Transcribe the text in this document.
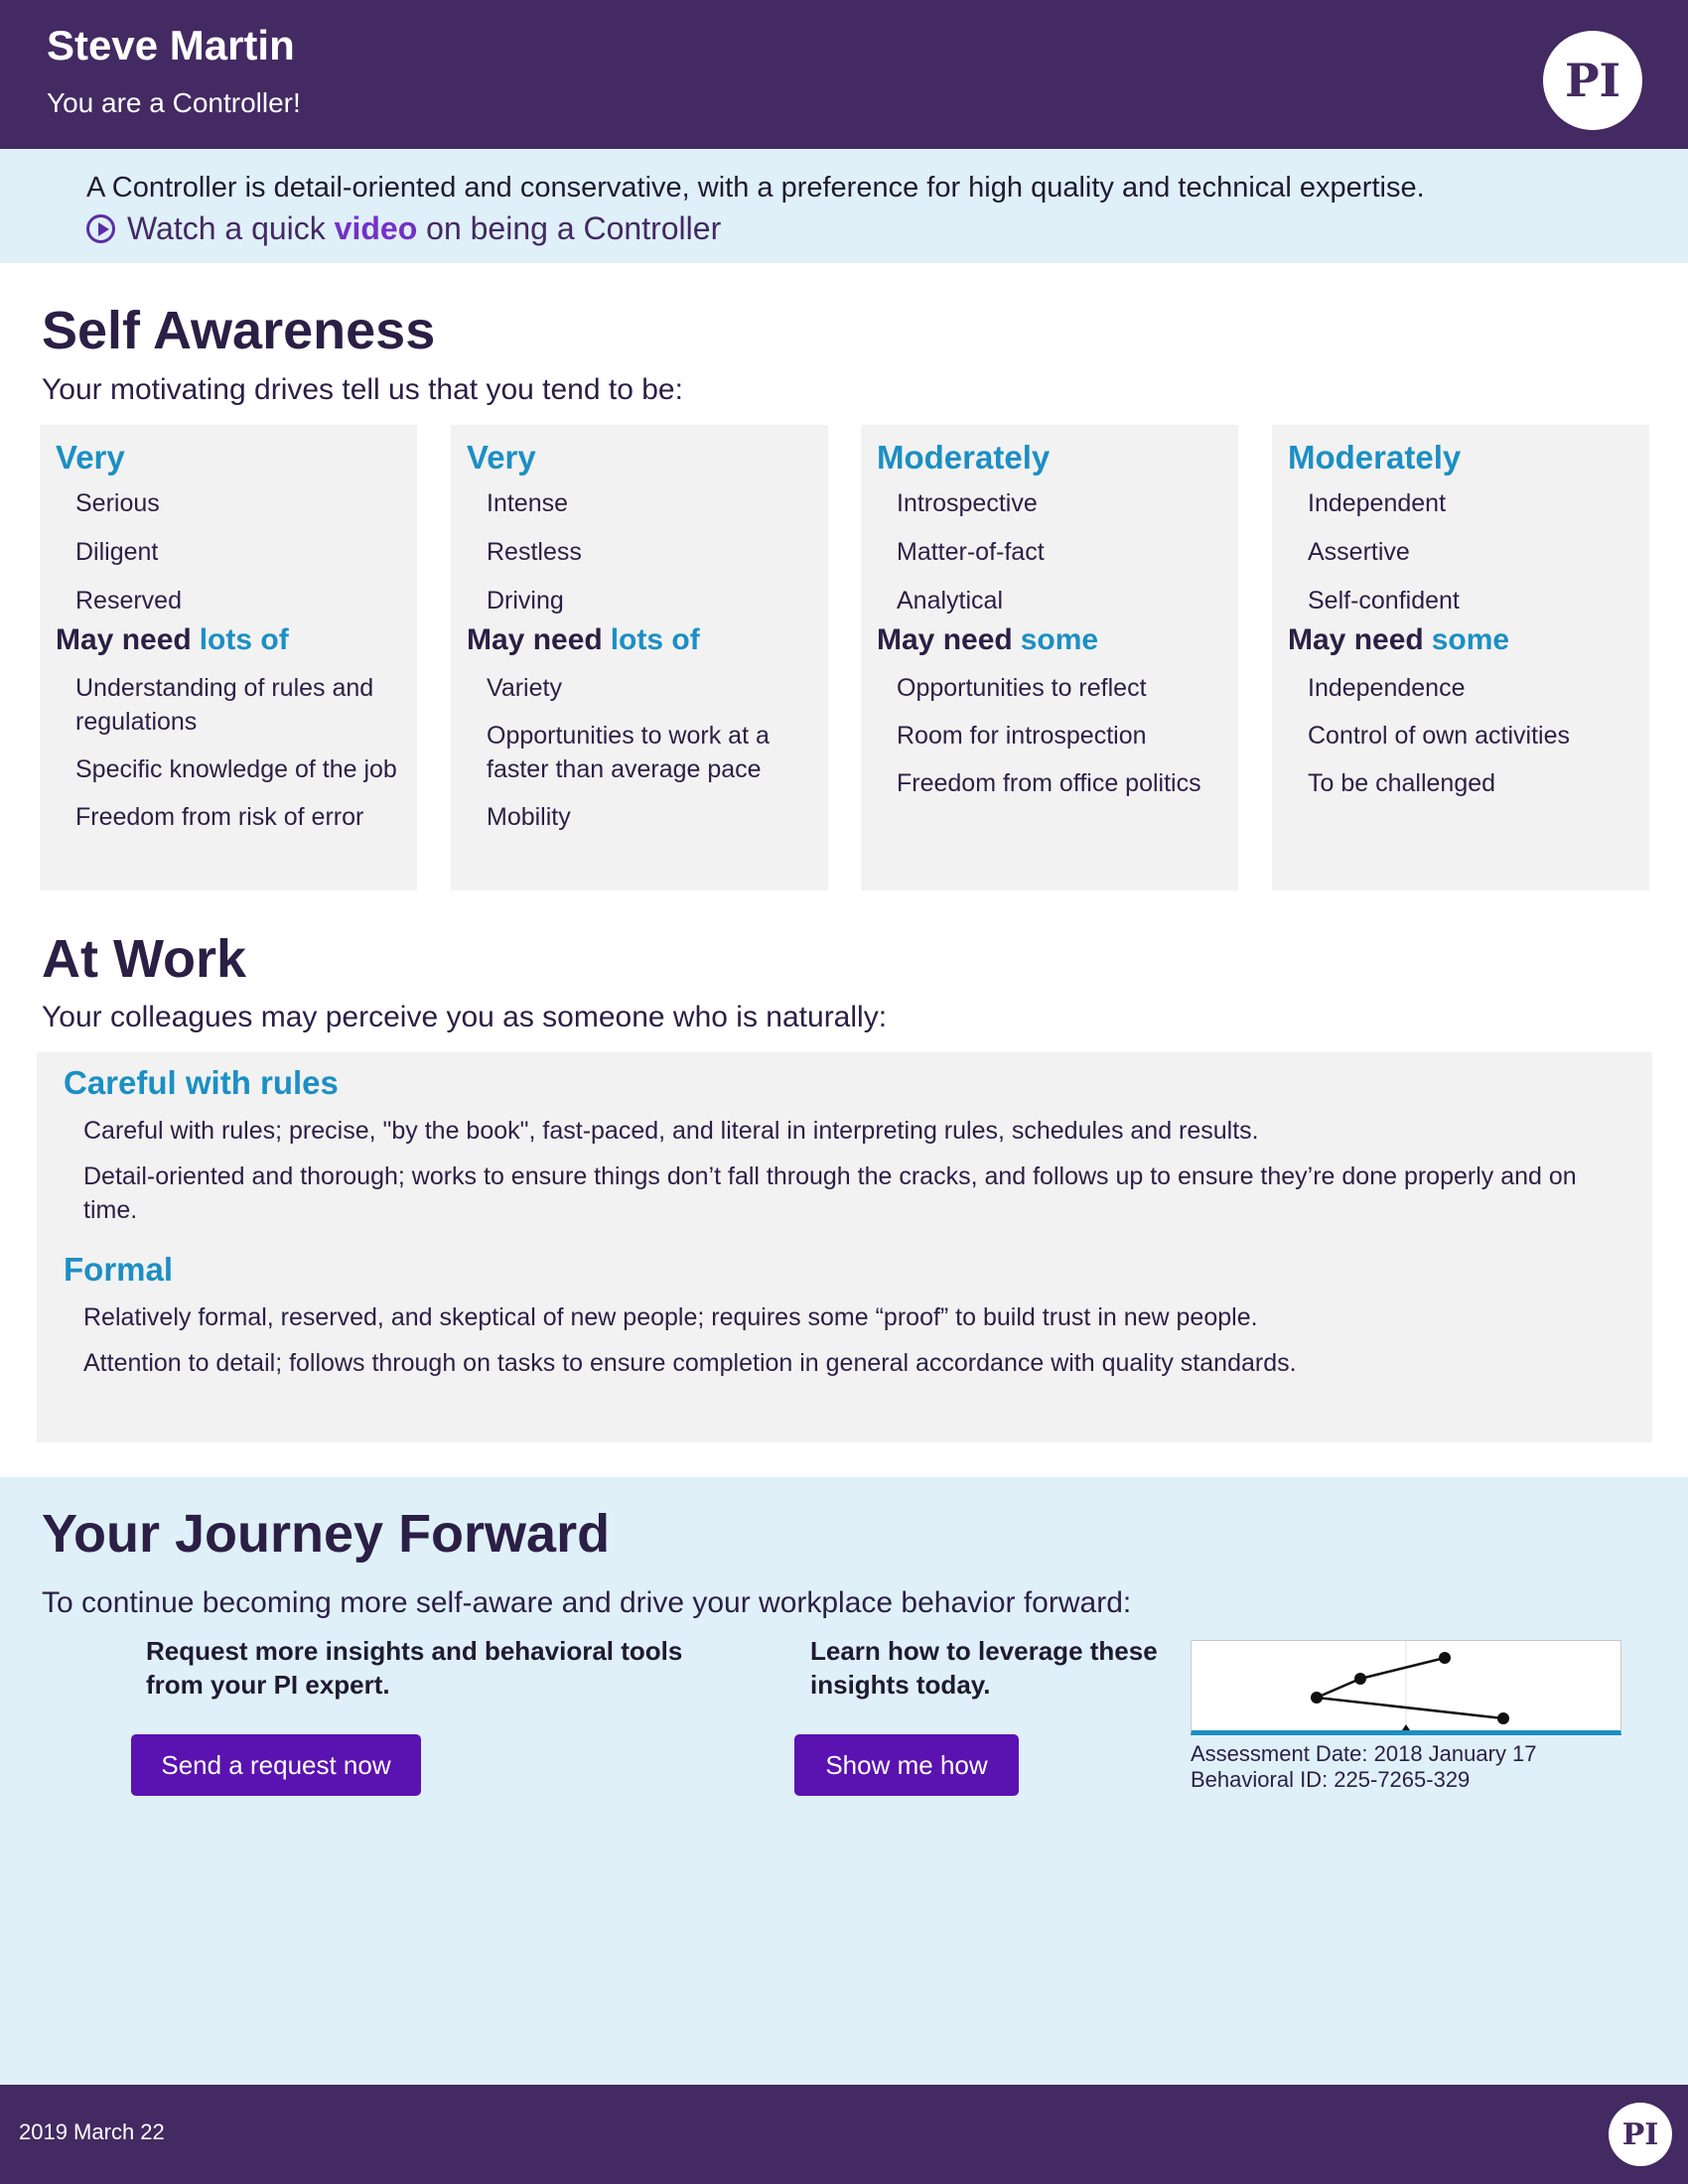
Steve Martin
You are a Controller!	PI
A Controller is detail-oriented and conservative, with a preference for high quality and technical expertise.
Watch a quick
video
on being a Controller
Self Awareness
Your motivating drives tell us that you tend to be:
Very
Serious
Diligent
Reserved
May need lots of
Understanding of rules and regulations
Specific knowledge of the job
Freedom from risk of error
Very
Intense
Restless
Driving
May need lots of
Variety
Opportunities to work at a faster than average pace
Mobility
Moderately
Introspective
Matter-of-fact
Analytical
May need some
Opportunities to reflect
Room for introspection
Freedom from office politics
Moderately
Independent
Assertive
Self-confident
May need some
Independence
Control of own activities
To be challenged
At Work
Your colleagues may perceive you as someone who is naturally:
Careful with rules
Careful with rules; precise, "by the book", fast-paced, and literal in interpreting rules, schedules and results.
Detail-oriented and thorough; works to ensure things don’t fall through the cracks, and follows up to ensure they’re done properly and on time.
Formal
Relatively formal, reserved, and skeptical of new people; requires some “proof” to build trust in new people.
Attention to detail; follows through on tasks to ensure completion in general accordance with quality standards.
Your Journey Forward
To continue becoming more self-aware and drive your workplace behavior forward:
Request more insights and behavioral tools
from your PI expert.
Send a request now
Learn how to leverage these
insights today.
Show me how	Assessment Date: 2018 January 17
Behavioral ID: 225-7265-329
2019 March 22	PI
